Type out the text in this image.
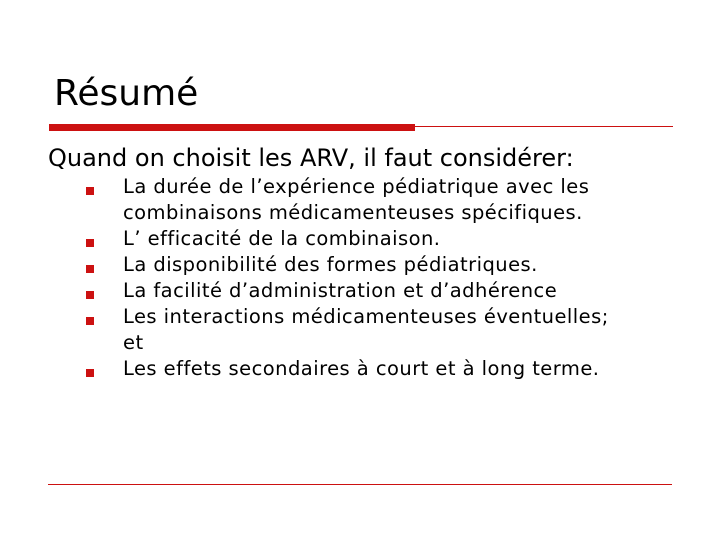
Résumé
Quand on choisit les ARV, il faut considérer:
La durée de l’expérience pédiatrique avec les
combinaisons médicamenteuses spécifiques.
L’ efficacité de la combinaison.
La disponibilité des formes pédiatriques.
La facilité d’administration et d’adhérence
Les interactions médicamenteuses éventuelles;
et
Les effets secondaires à court et à long terme.
